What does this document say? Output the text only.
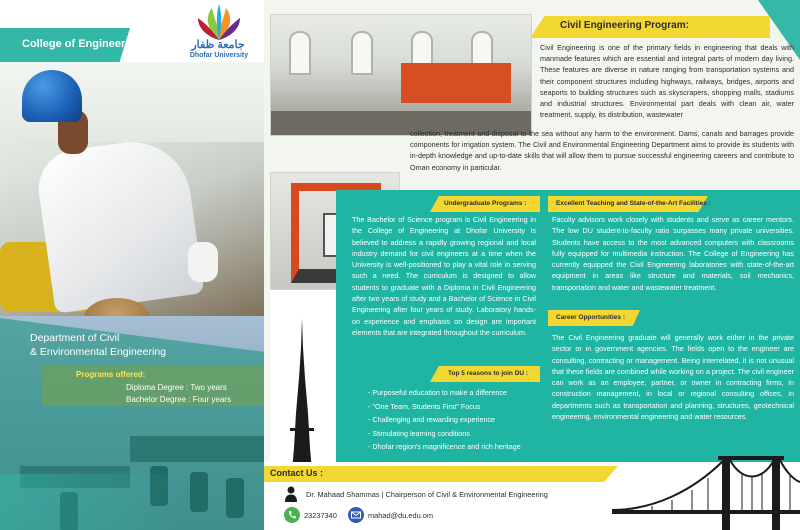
College of Engineering	جامعة ظفار
Dhofar University
Department of Civil
& Environmental Engineering
Programs offered:
Diploma Degree : Two years
Bachelor Degree : Four years
Civil Engineering Program:
Civil Engineering is one of the primary fields in engineering that deals with manmade features which are essential and integral parts of modern day living. These features are diverse in nature ranging from transportation systems and their component structures including highways, railways, bridges, airports and seaports to building structures such as skyscrapers, shopping malls, stadiums and industrial structures. Environmental part deals with clean air, water treatment, supply, its distribution, wastewater
collection, treatment and disposal to the sea without any harm to the environment. Dams, canals and barrages provide components for irrigation system. The Civil and Environmental Engineering Department aims to provide its students with in-depth knowledge and up-to-date skills that will allow them to pursue successful engineering careers and contribute to Oman economy in particular.
Undergraduate Programs :
The Bachelor of Science program is Civil Engineering in the College of Engineering at Dhofar University is believed to address a rapidly growing regional and local industry demand for civil engineers at a time when the University is well-positioned to play a vital role in serving such a need. The curriculum is designed to allow students to graduate with a Diploma in Civil Engineering after two years of study and a Bachelor of Science in Civil Engineering after four years of study. Laboratory hands-on experience and emphasis on design are important elements that are integrated throughout the curriculum.
Top 5 reasons to join DU :
- Purposeful education to make a difference
- "One Team, Students First" Focus
- Challenging and rewarding experience
- Stimulating learning conditions
- Dhofar region's magnificence and rich heritage
Excellent Teaching and State-of-the-Art Facilities :
Faculty advisors work closely with students and serve as career mentors. The low DU student-to-faculty ratio surpasses many private universities. Students have access to the most advanced computers with classrooms fully equipped for multimedia instruction. The College of Engineering has currently equipped the Civil Engineering laboratories with state-of-the-art equipment in areas like structure and materials, soil mechanics, transportation and water and wastewater treatment.
Career Opportunities :
The Civil Engineering graduate will generally work either in the private sector or in government agencies. The fields open to the engineer are consulting, contracting or management. Being interrelated, it is not unusual that these fields are combined while working on a project. The civil engineer can work as an employee, partner, or owner in contracting firms, in construction management, in local or regional consulting offices, in departments such as transportation and planning, structures, geotechnical engineering, environmental engineering and water resources.
Contact Us :
Dr. Mahaad Shammas | Chairperson of Civil & Environmental Engineering
23237340	mahad@du.edu.om
